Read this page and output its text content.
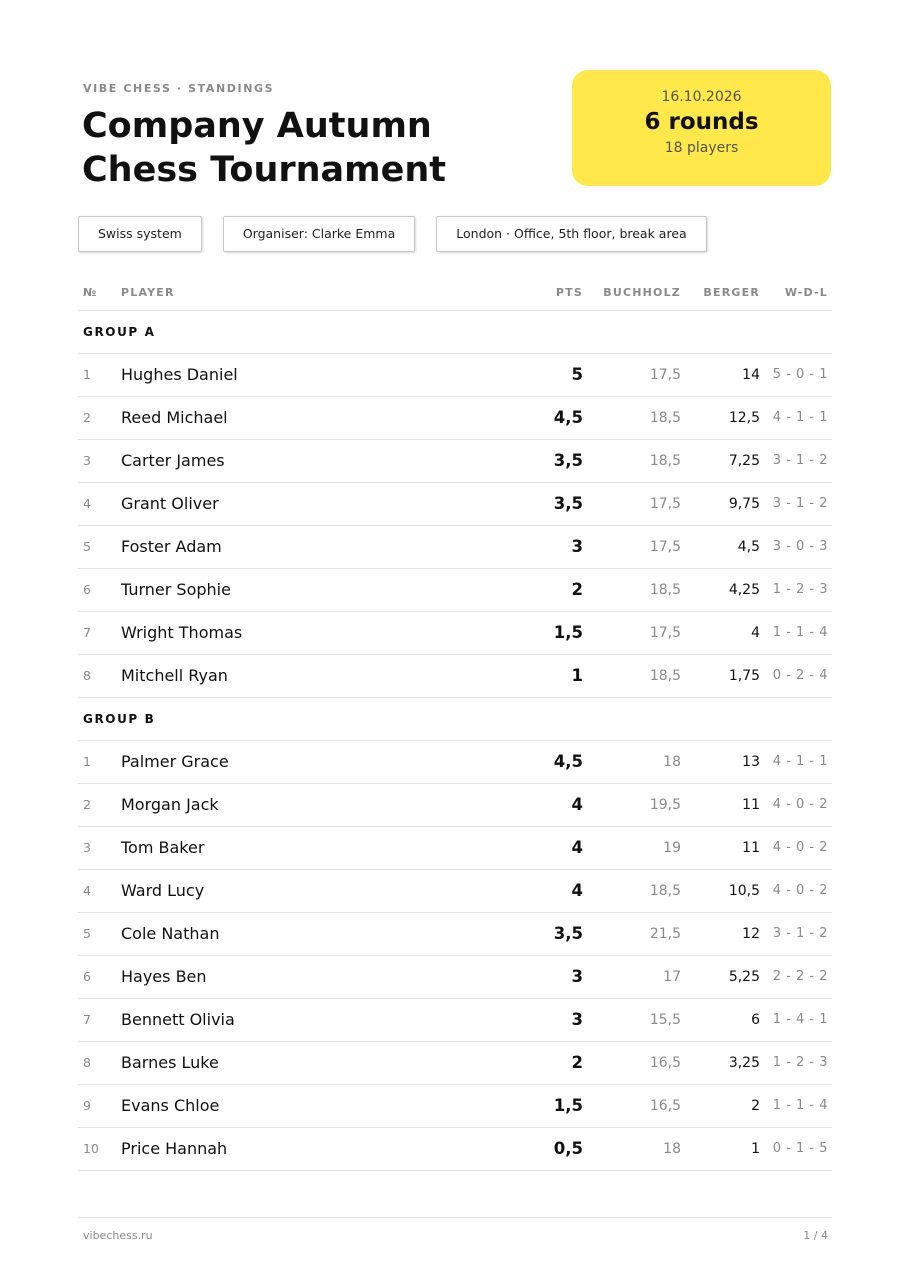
VIBE CHESS · STANDINGS
Company Autumn Chess Tournament
16.10.2026
6 rounds
18 players
Swiss system	Organiser: Clarke Emma	London · Office, 5th floor, break area
№ PLAYER	PTS BUCHHOLZ BERGER W-D-L
GROUP A
1 Hughes Daniel	5	17,5	14 5 - 0 - 1
2 Reed Michael	4,5	18,5	12,5 4 - 1 - 1
3 Carter James	3,5	18,5	7,25 3 - 1 - 2
4 Grant Oliver	3,5	17,5	9,75 3 - 1 - 2
5 Foster Adam	3	17,5	4,5 3 - 0 - 3
6 Turner Sophie	2	18,5	4,25 1 - 2 - 3
7 Wright Thomas	1,5	17,5	4 1 - 1 - 4
8 Mitchell Ryan	1	18,5	1,75 0 - 2 - 4
GROUP B
1 Palmer Grace	4,5	18	13 4 - 1 - 1
2 Morgan Jack	4	19,5	11 4 - 0 - 2
3 Tom Baker	4	19	11 4 - 0 - 2
4 Ward Lucy	4	18,5	10,5 4 - 0 - 2
5 Cole Nathan	3,5	21,5	12 3 - 1 - 2
6 Hayes Ben	3	17	5,25 2 - 2 - 2
7 Bennett Olivia	3	15,5	6 1 - 4 - 1
8 Barnes Luke	2	16,5	3,25 1 - 2 - 3
9 Evans Chloe	1,5	16,5	2 1 - 1 - 4
10 Price Hannah	0,5	18	1 0 - 1 - 5
vibechess.ru	1 / 4
